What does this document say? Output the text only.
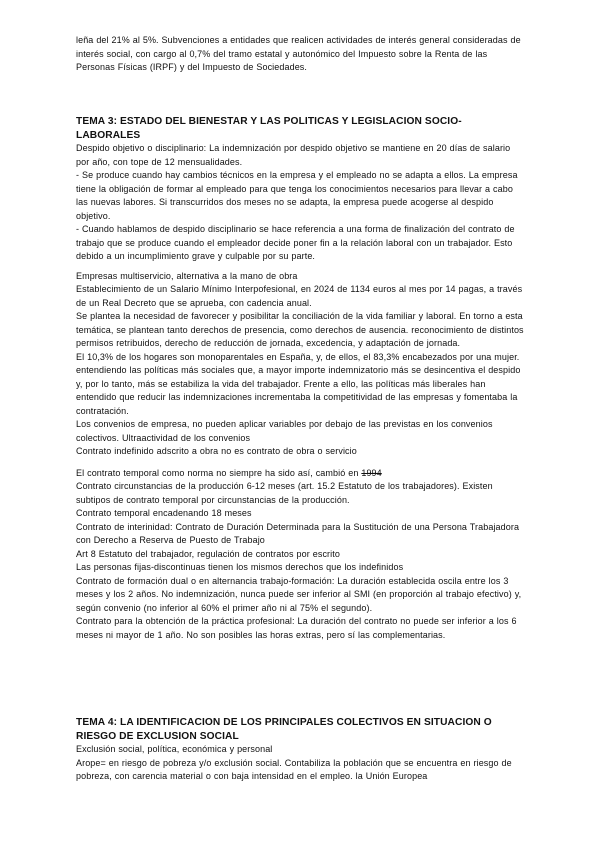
leña del 21% al 5%. Subvenciones a entidades que realicen actividades de interés general consideradas de interés social, con cargo al 0,7% del tramo estatal y autonómico del Impuesto sobre la Renta de las Personas Físicas (IRPF) y del Impuesto de Sociedades.

TEMA 3: ESTADO DEL BIENESTAR Y LAS POLITICAS Y LEGISLACION SOCIO-LABORALES

Despido objetivo o disciplinario: La indemnización por despido objetivo se mantiene en 20 días de salario por año, con tope de 12 mensualidades.

- Se produce cuando hay cambios técnicos en la empresa y el empleado no se adapta a ellos. La empresa tiene la obligación de formar al empleado para que tenga los conocimientos necesarios para llevar a cabo las nuevas labores. Si transcurridos dos meses no se adapta, la empresa puede acogerse al despido objetivo.

- Cuando hablamos de despido disciplinario se hace referencia a una forma de finalización del contrato de trabajo que se produce cuando el empleador decide poner fin a la relación laboral con un trabajador. Esto debido a un incumplimiento grave y culpable por su parte.

Empresas multiservicio, alternativa a la mano de obra

Establecimiento de un Salario Mínimo Interpofesional, en 2024 de 1134 euros al mes por 14 pagas, a través de un Real Decreto que se aprueba, con cadencia anual.

Se plantea la necesidad de favorecer y posibilitar la conciliación de la vida familiar y laboral. En torno a esta temática, se plantean tanto derechos de presencia, como derechos de ausencia. reconocimiento de distintos permisos retribuidos, derecho de reducción de jornada, excedencia, y adaptación de jornada.

El 10,3% de los hogares son monoparentales en España, y, de ellos, el 83,3% encabezados por una mujer.

entendiendo las políticas más sociales que, a mayor importe indemnizatorio más se desincentiva el despido y, por lo tanto, más se estabiliza la vida del trabajador. Frente a ello, las políticas más liberales han entendido que reducir las indemnizaciones incrementaba la competitividad de las empresas y fomentaba la contratación.

Los convenios de empresa, no pueden aplicar variables por debajo de las previstas en los convenios colectivos. Ultraactividad de los convenios

Contrato indefinido adscrito a obra no es contrato de obra o servicio

El contrato temporal como norma no siempre ha sido así, cambió en 1994

Contrato circunstancias de la producción 6-12 meses (art. 15.2 Estatuto de los trabajadores). Existen subtipos de contrato temporal por circunstancias de la producción.

Contrato temporal encadenando 18 meses

Contrato de interinidad: Contrato de Duración Determinada para la Sustitución de una Persona Trabajadora con Derecho a Reserva de Puesto de Trabajo

Art 8 Estatuto del trabajador, regulación de contratos por escrito

Las personas fijas-discontinuas tienen los mismos derechos que los indefinidos

Contrato de formación dual o en alternancia trabajo-formación: La duración establecida oscila entre los 3 meses y los 2 años. No indemnización, nunca puede ser inferior al SMI (en proporción al trabajo efectivo) y, según convenio (no inferior al 60% el primer año ni al 75% el segundo).

Contrato para la obtención de la práctica profesional: La duración del contrato no puede ser inferior a los 6 meses ni mayor de 1 año. No son posibles las horas extras, pero sí las complementarias.

TEMA 4: LA IDENTIFICACION DE LOS PRINCIPALES COLECTIVOS EN SITUACION O RIESGO DE EXCLUSION SOCIAL

Exclusión social, política, económica y personal

Arope= en riesgo de pobreza y/o exclusión social. Contabiliza la población que se encuentra en riesgo de pobreza, con carencia material o con baja intensidad en el empleo. la Unión Europea
